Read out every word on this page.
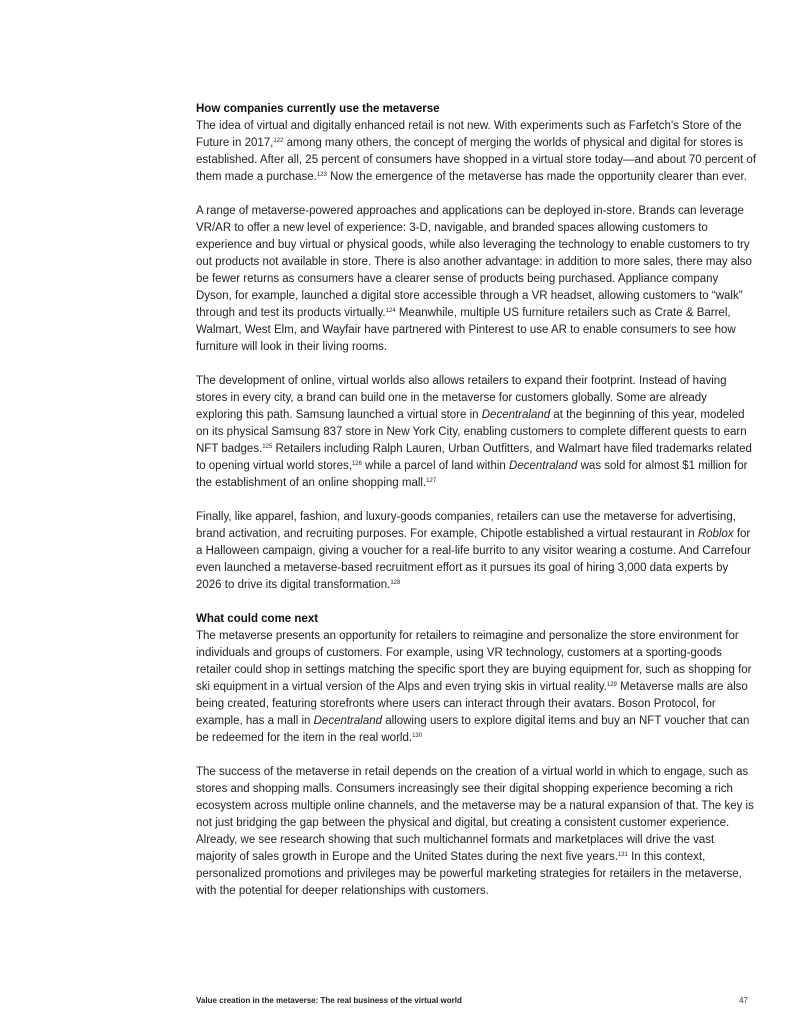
How companies currently use the metaverse

The idea of virtual and digitally enhanced retail is not new. With experiments such as Farfetch's Store of the Future in 2017,$^{122}$ among many others, the concept of merging the worlds of physical and digital for stores is established. After all, 25 percent of consumers have shopped in a virtual store today—and about 70 percent of them made a purchase.$^{123}$ Now the emergence of the metaverse has made the opportunity clearer than ever.

A range of metaverse-powered approaches and applications can be deployed in-store. Brands can leverage VR/AR to offer a new level of experience: 3-D, navigable, and branded spaces allowing customers to experience and buy virtual or physical goods, while also leveraging the technology to enable customers to try out products not available in store. There is also another advantage: in addition to more sales, there may also be fewer returns as consumers have a clearer sense of products being purchased. Appliance company Dyson, for example, launched a digital store accessible through a VR headset, allowing customers to “walk” through and test its products virtually.$^{124}$ Meanwhile, multiple US furniture retailers such as Crate & Barrel, Walmart, West Elm, and Wayfair have partnered with Pinterest to use AR to enable consumers to see how furniture will look in their living rooms.

The development of online, virtual worlds also allows retailers to expand their footprint. Instead of having stores in every city, a brand can build one in the metaverse for customers globally. Some are already exploring this path. Samsung launched a virtual store in Decentraland at the beginning of this year, modeled on its physical Samsung 837 store in New York City, enabling customers to complete different quests to earn NFT badges.$^{125}$ Retailers including Ralph Lauren, Urban Outfitters, and Walmart have filed trademarks related to opening virtual world stores,$^{126}$ while a parcel of land within Decentraland was sold for almost $1 million for the establishment of an online shopping mall.$^{127}$

Finally, like apparel, fashion, and luxury-goods companies, retailers can use the metaverse for advertising, brand activation, and recruiting purposes. For example, Chipotle established a virtual restaurant in Roblox for a Halloween campaign, giving a voucher for a real-life burrito to any visitor wearing a costume. And Carrefour even launched a metaverse-based recruitment effort as it pursues its goal of hiring 3,000 data experts by 2026 to drive its digital transformation.$^{128}$

What could come next

The metaverse presents an opportunity for retailers to reimagine and personalize the store environment for individuals and groups of customers. For example, using VR technology, customers at a sporting-goods retailer could shop in settings matching the specific sport they are buying equipment for, such as shopping for ski equipment in a virtual version of the Alps and even trying skis in virtual reality.$^{129}$ Metaverse malls are also being created, featuring storefronts where users can interact through their avatars. Boson Protocol, for example, has a mall in Decentraland allowing users to explore digital items and buy an NFT voucher that can be redeemed for the item in the real world.$^{130}$

The success of the metaverse in retail depends on the creation of a virtual world in which to engage, such as stores and shopping malls. Consumers increasingly see their digital shopping experience becoming a rich ecosystem across multiple online channels, and the metaverse may be a natural expansion of that. The key is not just bridging the gap between the physical and digital, but creating a consistent customer experience. Already, we see research showing that such multichannel formats and marketplaces will drive the vast majority of sales growth in Europe and the United States during the next five years.$^{131}$ In this context, personalized promotions and privileges may be powerful marketing strategies for retailers in the metaverse, with the potential for deeper relationships with customers.

Value creation in the metaverse: The real business of the virtual world	47
